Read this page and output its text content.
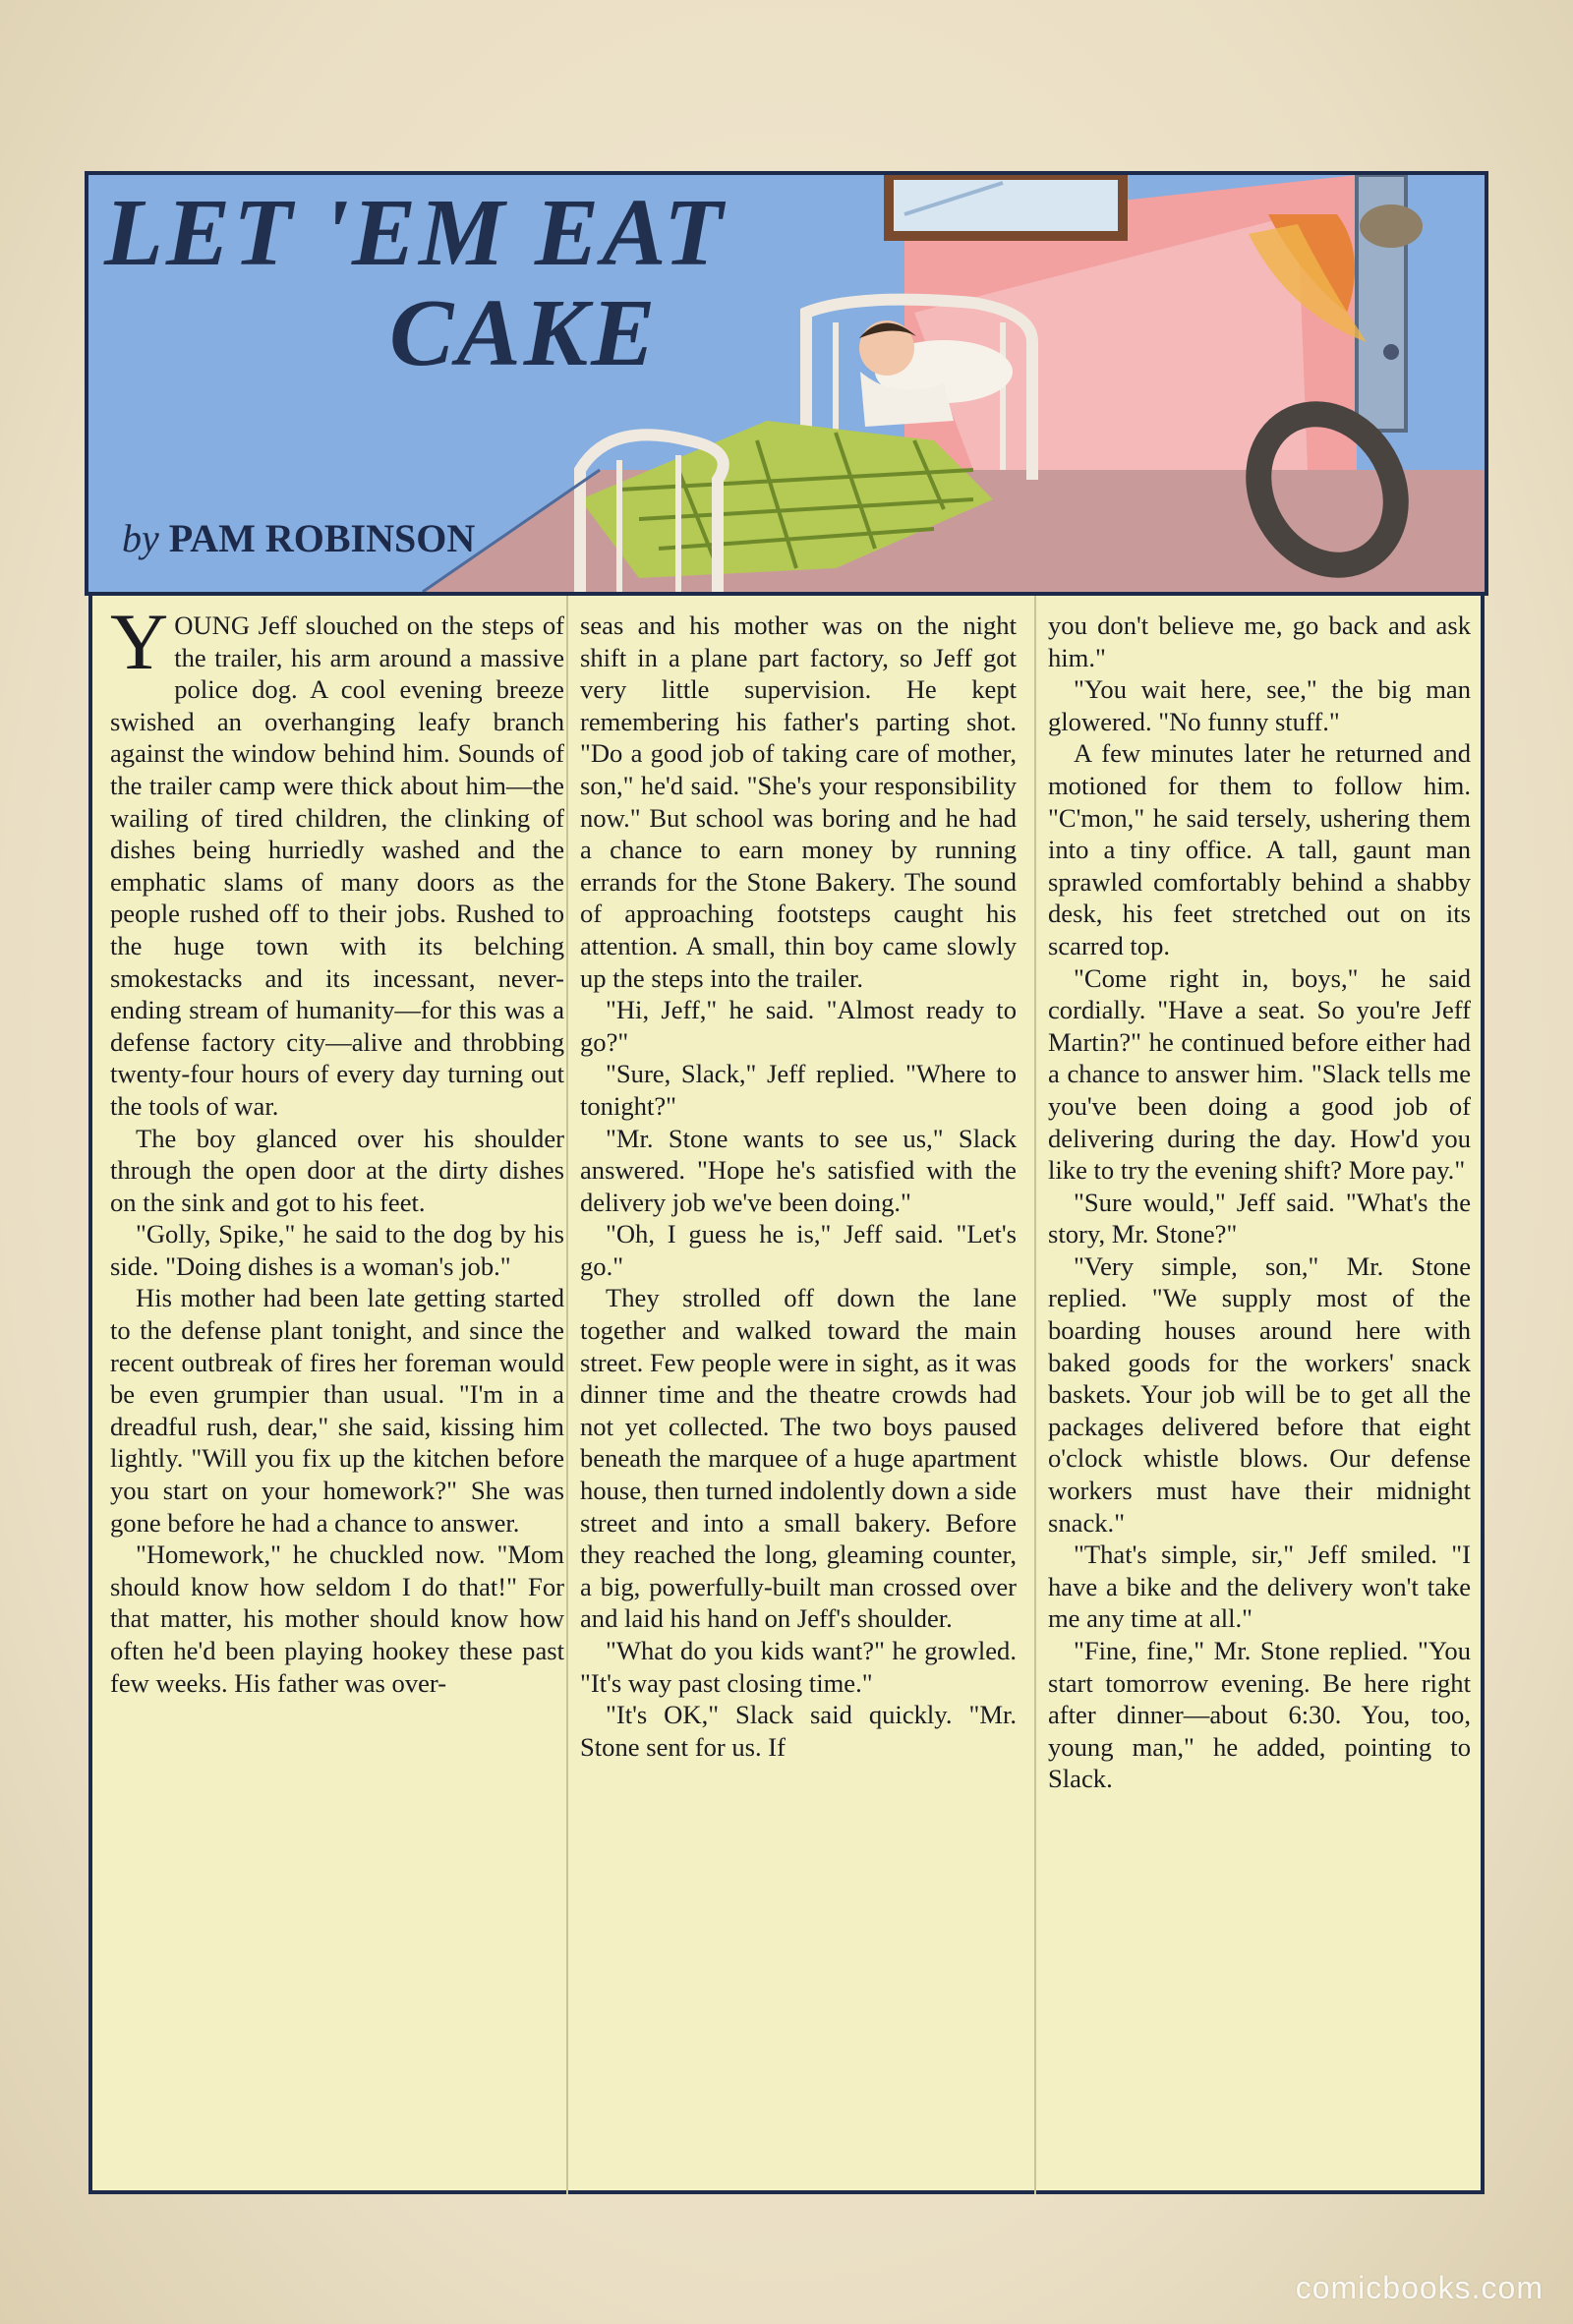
LET 'EM EAT
CAKE
by PAM ROBINSON

YOUNG Jeff slouched on the steps of the trailer, his arm around a massive police dog. A cool evening breeze swished an overhanging leafy branch against the window behind him. Sounds of the trailer camp were thick about him—the wailing of tired children, the clinking of dishes being hurriedly washed and the emphatic slams of many doors as the people rushed off to their jobs. Rushed to the huge town with its belching smokestacks and its incessant, never-ending stream of humanity—for this was a defense factory city—alive and throbbing twenty-four hours of every day turning out the tools of war.

The boy glanced over his shoulder through the open door at the dirty dishes on the sink and got to his feet.

"Golly, Spike," he said to the dog by his side. "Doing dishes is a woman's job."

His mother had been late getting started to the defense plant tonight, and since the recent outbreak of fires her foreman would be even grumpier than usual. "I'm in a dreadful rush, dear," she said, kissing him lightly. "Will you fix up the kitchen before you start on your homework?" She was gone before he had a chance to answer.

"Homework," he chuckled now. "Mom should know how seldom I do that!" For that matter, his mother should know how often he'd been playing hookey these past few weeks. His father was over-

seas and his mother was on the night shift in a plane part factory, so Jeff got very little supervision. He kept remembering his father's parting shot. "Do a good job of taking care of mother, son," he'd said. "She's your responsibility now." But school was boring and he had a chance to earn money by running errands for the Stone Bakery. The sound of approaching footsteps caught his attention. A small, thin boy came slowly up the steps into the trailer.

"Hi, Jeff," he said. "Almost ready to go?"

"Sure, Slack," Jeff replied. "Where to tonight?"

"Mr. Stone wants to see us," Slack answered. "Hope he's satisfied with the delivery job we've been doing."

"Oh, I guess he is," Jeff said. "Let's go."

They strolled off down the lane together and walked toward the main street. Few people were in sight, as it was dinner time and the theatre crowds had not yet collected. The two boys paused beneath the marquee of a huge apartment house, then turned indolently down a side street and into a small bakery. Before they reached the long, gleaming counter, a big, powerfully-built man crossed over and laid his hand on Jeff's shoulder.

"What do you kids want?" he growled. "It's way past closing time."

"It's OK," Slack said quickly. "Mr. Stone sent for us. If

you don't believe me, go back and ask him."

"You wait here, see," the big man glowered. "No funny stuff."

A few minutes later he returned and motioned for them to follow him. "C'mon," he said tersely, ushering them into a tiny office. A tall, gaunt man sprawled comfortably behind a shabby desk, his feet stretched out on its scarred top.

"Come right in, boys," he said cordially. "Have a seat. So you're Jeff Martin?" he continued before either had a chance to answer him. "Slack tells me you've been doing a good job of delivering during the day. How'd you like to try the evening shift? More pay."

"Sure would," Jeff said. "What's the story, Mr. Stone?"

"Very simple, son," Mr. Stone replied. "We supply most of the boarding houses around here with baked goods for the workers' snack baskets. Your job will be to get all the packages delivered before that eight o'clock whistle blows. Our defense workers must have their midnight snack."

"That's simple, sir," Jeff smiled. "I have a bike and the delivery won't take me any time at all."

"Fine, fine," Mr. Stone replied. "You start tomorrow evening. Be here right after dinner—about 6:30. You, too, young man," he added, pointing to Slack.

comicbooks.com
